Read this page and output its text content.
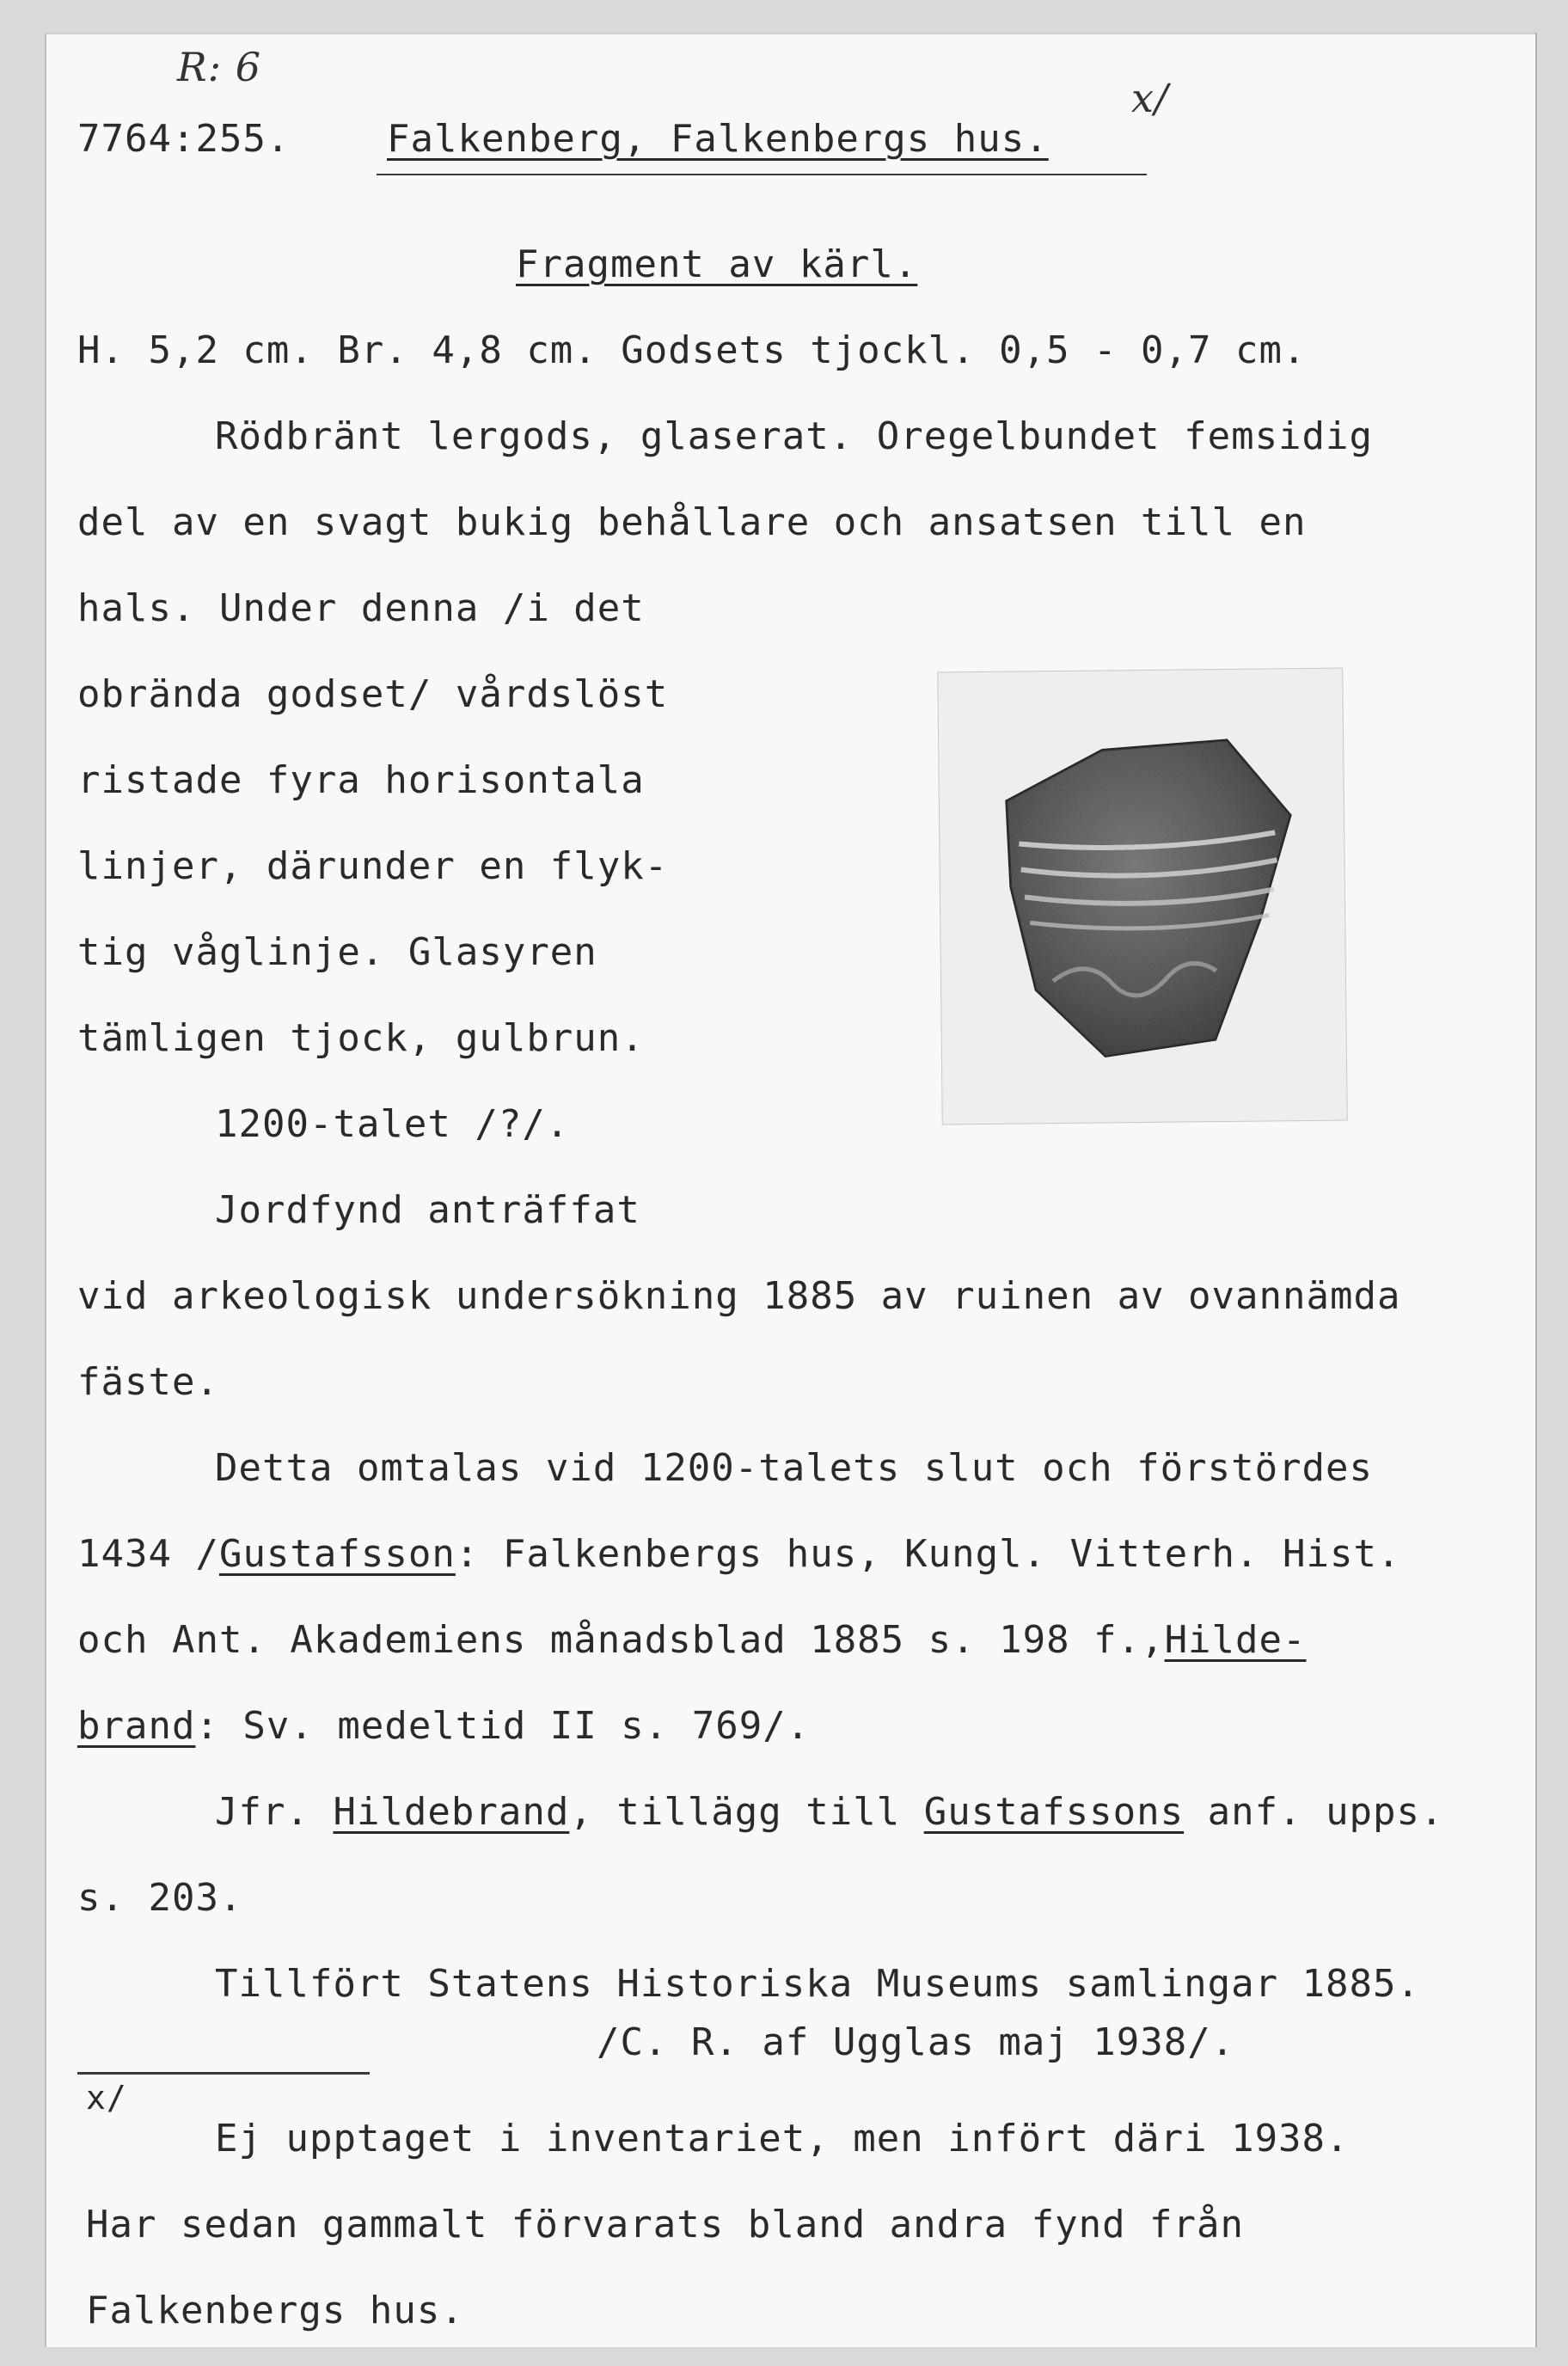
R: 6
x/
7764:255.	Falkenberg, Falkenbergs hus.
Fragment av kärl.
H. 5,2 cm. Br. 4,8 cm. Godsets tjockl. 0,5 - 0,7 cm.
Rödbränt lergods, glaserat. Oregelbundet femsidig
del av en svagt bukig behållare och ansatsen till en
hals. Under denna /i det
obrända godset/ vårdslöst
ristade fyra horisontala
linjer, därunder en flyk-
tig våglinje. Glasyren
tämligen tjock, gulbrun.
1200-talet /?/.
Jordfynd anträffat
vid arkeologisk undersökning 1885 av ruinen av ovannämda
fäste.
Detta omtalas vid 1200-talets slut och förstördes
1434 /Gustafsson: Falkenbergs hus, Kungl. Vitterh. Hist.
och Ant. Akademiens månadsblad 1885 s. 198 f.,Hilde-
brand: Sv. medeltid II s. 769/.
Jfr. Hildebrand, tillägg till Gustafssons anf. upps.
s. 203.
Tillfört Statens Historiska Museums samlingar 1885.
/C. R. af Ugglas maj 1938/.
x/
Ej upptaget i inventariet, men infört däri 1938.
Har sedan gammalt förvarats bland andra fynd från
Falkenbergs hus.
